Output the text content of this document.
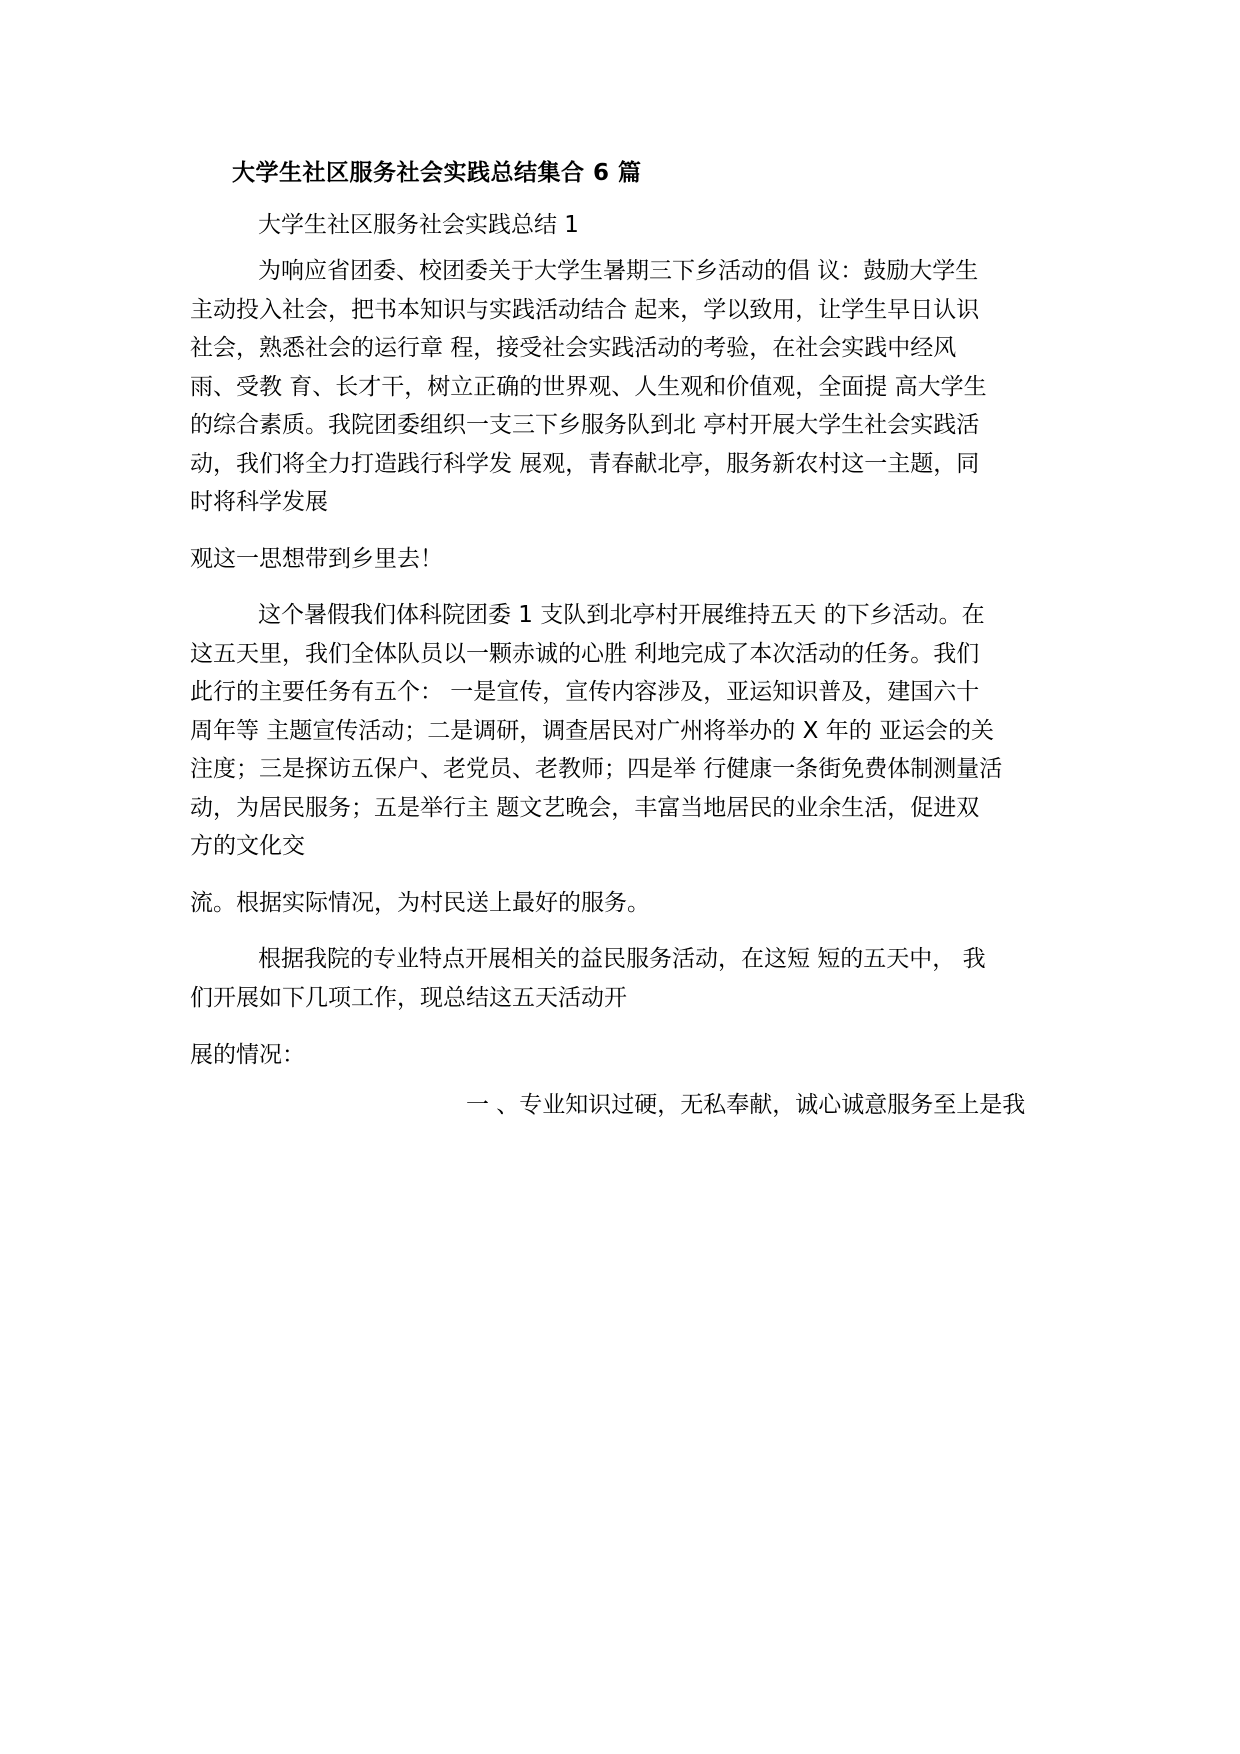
大学生社区服务社会实践总结集合 6 篇
大学生社区服务社会实践总结 1
为响应省团委、校团委关于大学生暑期三下乡活动的倡 议：鼓励大学生
主动投入社会，把书本知识与实践活动结合 起来，学以致用，让学生早日认识
社会，熟悉社会的运行章 程，接受社会实践活动的考验，在社会实践中经风
雨、受教 育、长才干，树立正确的世界观、人生观和价值观，全面提 高大学生
的综合素质。我院团委组织一支三下乡服务队到北 亭村开展大学生社会实践活
动，我们将全力打造践行科学发 展观，青春献北亭，服务新农村这一主题，同
时将科学发展
观这一思想带到乡里去！
这个暑假我们体科院团委 1 支队到北亭村开展维持五天 的下乡活动。在
这五天里，我们全体队员以一颗赤诚的心胜 利地完成了本次活动的任务。我们
此行的主要任务有五个： 一是宣传，宣传内容涉及，亚运知识普及，建国六十
周年等 主题宣传活动；二是调研，调查居民对广州将举办的 X 年的 亚运会的关
注度；三是探访五保户、老党员、老教师；四是举 行健康一条街免费体制测量活
动，为居民服务；五是举行主 题文艺晚会，丰富当地居民的业余生活，促进双
方的文化交
流。根据实际情况，为村民送上最好的服务。
根据我院的专业特点开展相关的益民服务活动，在这短 短的五天中， 我
们开展如下几项工作，现总结这五天活动开
展的情况：
一 、专业知识过硬，无私奉献，诚心诚意服务至上是我
